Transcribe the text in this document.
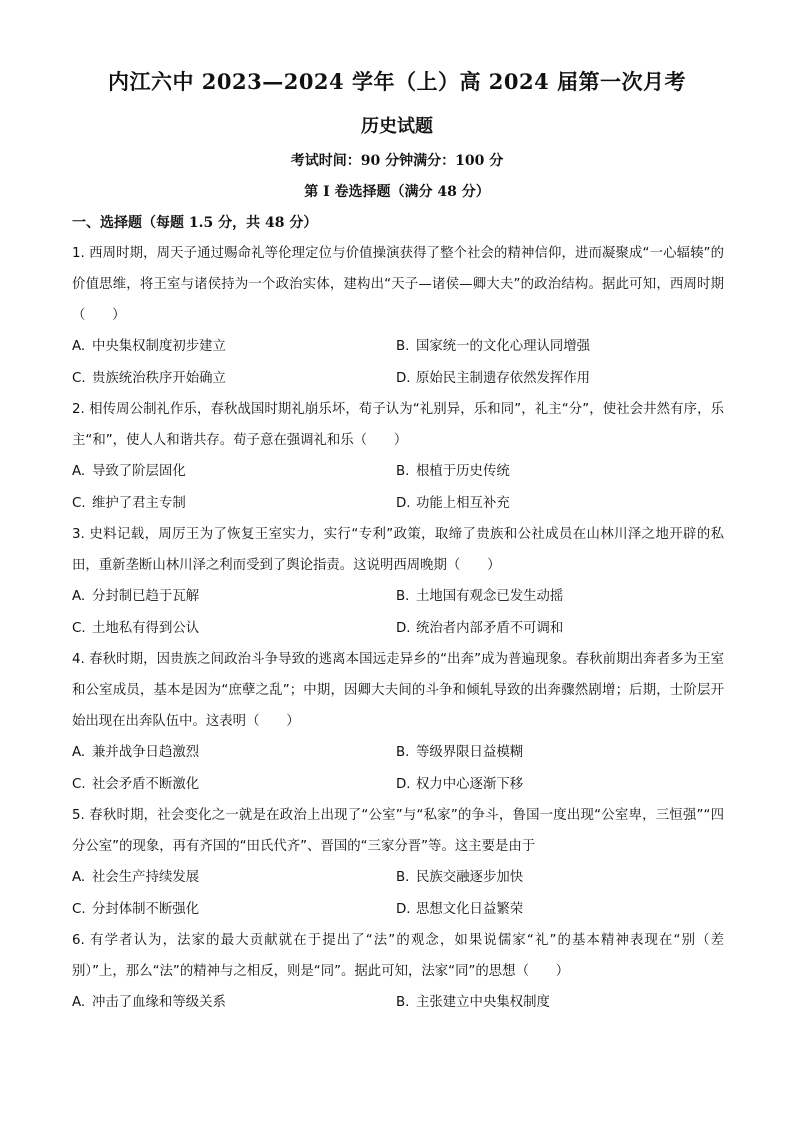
内江六中 2023—2024 学年（上）高 2024 届第一次月考
历史试题
考试时间：90 分钟满分：100 分
第 I 卷选择题（满分 48 分）
一、选择题（每题 1.5 分，共 48 分）

1. 西周时期，周天子通过赐命礼等伦理定位与价值操演获得了整个社会的精神信仰，进而凝聚成“一心辐辏”的价值思维，将王室与诸侯持为一个政治实体，建构出“天子—诸侯—卿大夫”的政治结构。据此可知，西周时期（　　）

A. 中央集权制度初步建立	B. 国家统一的文化心理认同增强
C. 贵族统治秩序开始确立	D. 原始民主制遗存依然发挥作用

2. 相传周公制礼作乐，春秋战国时期礼崩乐坏，荀子认为“礼别异，乐和同”，礼主“分”，使社会井然有序，乐主“和”，使人人和谐共存。荀子意在强调礼和乐（　　）

A. 导致了阶层固化	B. 根植于历史传统
C. 维护了君主专制	D. 功能上相互补充

3. 史料记载，周厉王为了恢复王室实力，实行“专利”政策，取缔了贵族和公社成员在山林川泽之地开辟的私田，重新垄断山林川泽之利而受到了舆论指责。这说明西周晚期（　　）

A. 分封制已趋于瓦解	B. 土地国有观念已发生动摇
C. 土地私有得到公认	D. 统治者内部矛盾不可调和

4. 春秋时期，因贵族之间政治斗争导致的逃离本国远走异乡的“出奔”成为普遍现象。春秋前期出奔者多为王室和公室成员，基本是因为“庶孽之乱”；中期，因卿大夫间的斗争和倾轧导致的出奔骤然剧增；后期，士阶层开始出现在出奔队伍中。这表明（　　）

A. 兼并战争日趋激烈	B. 等级界限日益模糊
C. 社会矛盾不断激化	D. 权力中心逐渐下移

5. 春秋时期，社会变化之一就是在政治上出现了“公室”与“私家”的争斗，鲁国一度出现“公室卑，三恒强”“四分公室”的现象，再有齐国的“田氏代齐”、晋国的“三家分晋”等。这主要是由于

A. 社会生产持续发展	B. 民族交融逐步加快
C. 分封体制不断强化	D. 思想文化日益繁荣

6. 有学者认为，法家的最大贡献就在于提出了“法”的观念，如果说儒家“礼”的基本精神表现在“别（差别）”上，那么“法”的精神与之相反，则是“同”。据此可知，法家“同”的思想（　　）

A. 冲击了血缘和等级关系	B. 主张建立中央集权制度
